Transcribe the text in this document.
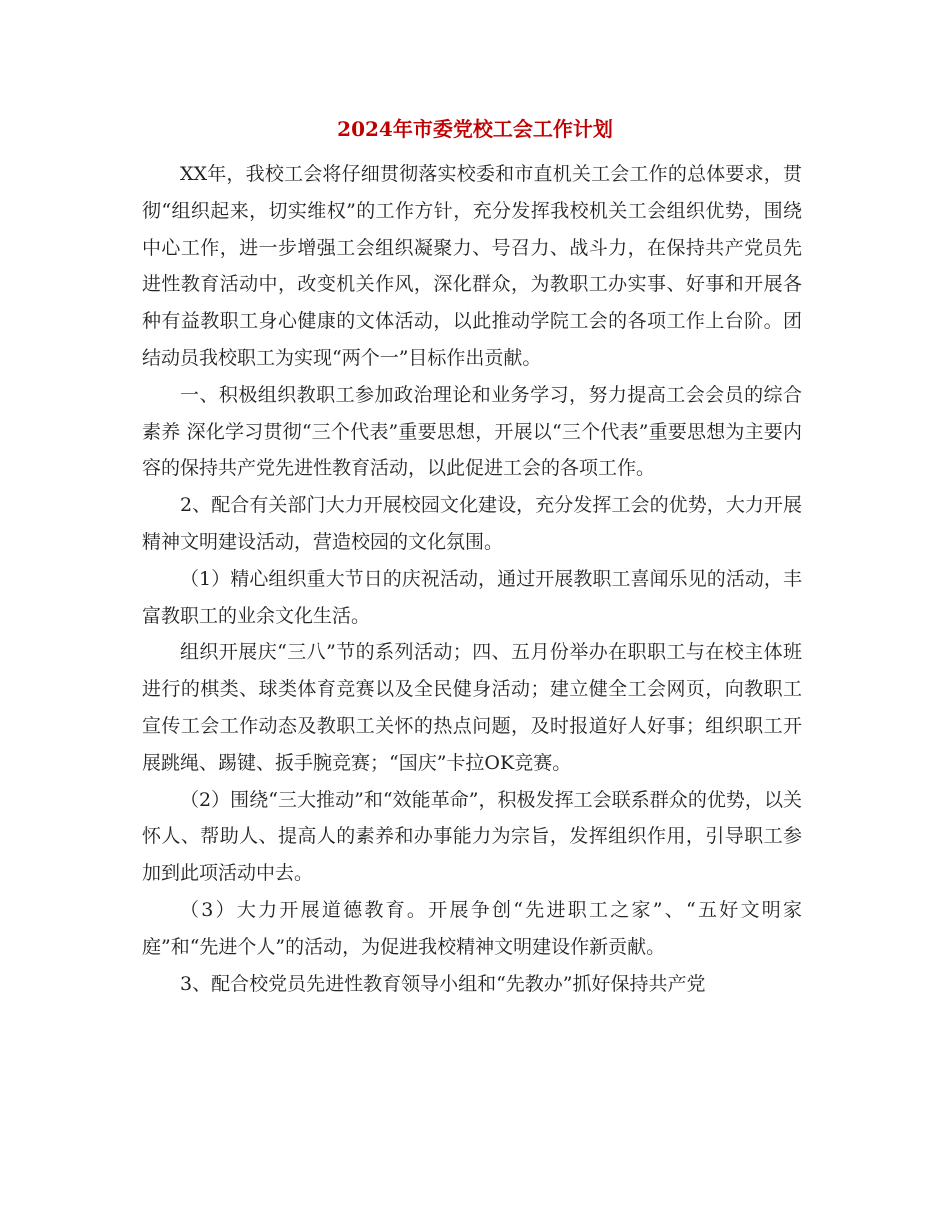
2024年市委党校工会工作计划

XX年，我校工会将仔细贯彻落实校委和市直机关工会工作的总体要求，贯彻“组织起来，切实维权”的工作方针，充分发挥我校机关工会组织优势，围绕中心工作，进一步增强工会组织凝聚力、号召力、战斗力，在保持共产党员先进性教育活动中，改变机关作风，深化群众，为教职工办实事、好事和开展各种有益教职工身心健康的文体活动，以此推动学院工会的各项工作上台阶。团结动员我校职工为实现“两个一”目标作出贡献。

一、积极组织教职工参加政治理论和业务学习，努力提高工会会员的综合素养 深化学习贯彻“三个代表”重要思想，开展以“三个代表”重要思想为主要内容的保持共产党先进性教育活动，以此促进工会的各项工作。

2、配合有关部门大力开展校园文化建设，充分发挥工会的优势，大力开展精神文明建设活动，营造校园的文化氛围。

（1）精心组织重大节日的庆祝活动，通过开展教职工喜闻乐见的活动，丰富教职工的业余文化生活。

组织开展庆“三八”节的系列活动；四、五月份举办在职职工与在校主体班进行的棋类、球类体育竞赛以及全民健身活动；建立健全工会网页，向教职工宣传工会工作动态及教职工关怀的热点问题，及时报道好人好事；组织职工开展跳绳、踢键、扳手腕竞赛；“国庆”卡拉OK竞赛。

（2）围绕“三大推动”和“效能革命”，积极发挥工会联系群众的优势，以关怀人、帮助人、提高人的素养和办事能力为宗旨，发挥组织作用，引导职工参加到此项活动中去。

（3）大力开展道德教育。开展争创“先进职工之家”、“五好文明家庭”和“先进个人”的活动，为促进我校精神文明建设作新贡献。

3、配合校党员先进性教育领导小组和“先教办”抓好保持共产党
